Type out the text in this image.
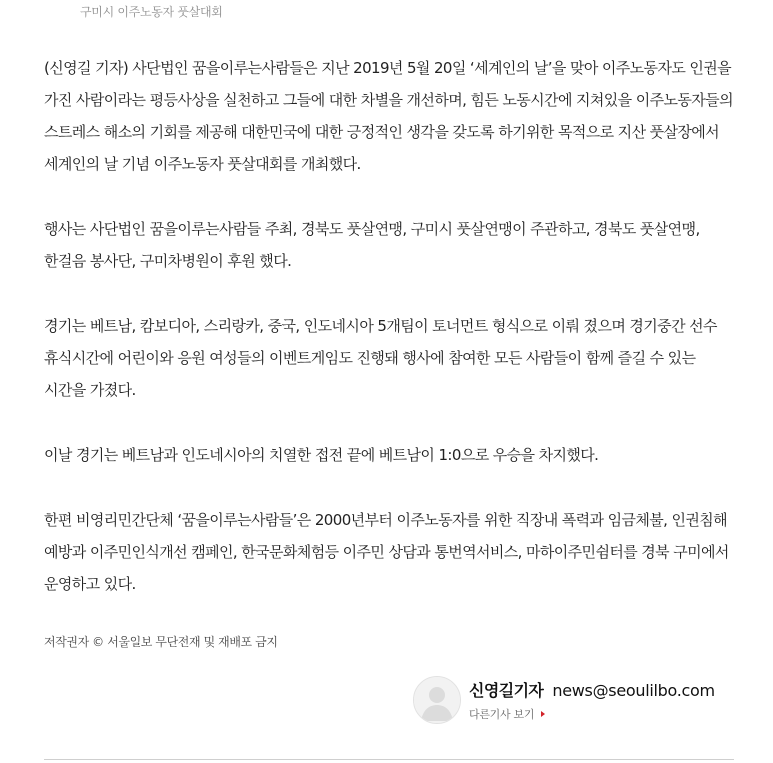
구미시 이주노동자 풋살대회

(신영길 기자) 사단법인 꿈을이루는사람들은 지난 2019년 5월 20일 ‘세계인의 날’을 맞아 이주노동자도 인권을 가진 사람이라는 평등사상을 실천하고 그들에 대한 차별을 개선하며, 힘든 노동시간에 지쳐있을 이주노동자들의 스트레스 해소의 기회를 제공해 대한민국에 대한 긍정적인 생각을 갖도록 하기위한 목적으로 지산 풋살장에서 세계인의 날 기념 이주노동자 풋살대회를 개최했다.

행사는 사단법인 꿈을이루는사람들 주최, 경북도 풋살연맹, 구미시 풋살연맹이 주관하고, 경북도 풋살연맹, 한걸음 봉사단, 구미차병원이 후원 했다.

경기는 베트남, 캄보디아, 스리랑카, 중국, 인도네시아 5개팀이 토너먼트 형식으로 이뤄 졌으며 경기중간 선수 휴식시간에 어린이와 응원 여성들의 이벤트게임도 진행돼 행사에 참여한 모든 사람들이 함께 즐길 수 있는 시간을 가졌다.

이날 경기는 베트남과 인도네시아의 치열한 접전 끝에 베트남이 1:0으로 우승을 차지했다.

한편 비영리민간단체 ‘꿈을이루는사람들’은 2000년부터 이주노동자를 위한 직장내 폭력과 임금체불, 인권침해 예방과 이주민인식개선 캠페인, 한국문화체험등 이주민 상담과 통번역서비스, 마하이주민쉼터를 경북 구미에서 운영하고 있다.

저작권자 © 서울일보 무단전재 및 재배포 금지
신영길기자 news@seoulilbo.com
다른기사 보기
